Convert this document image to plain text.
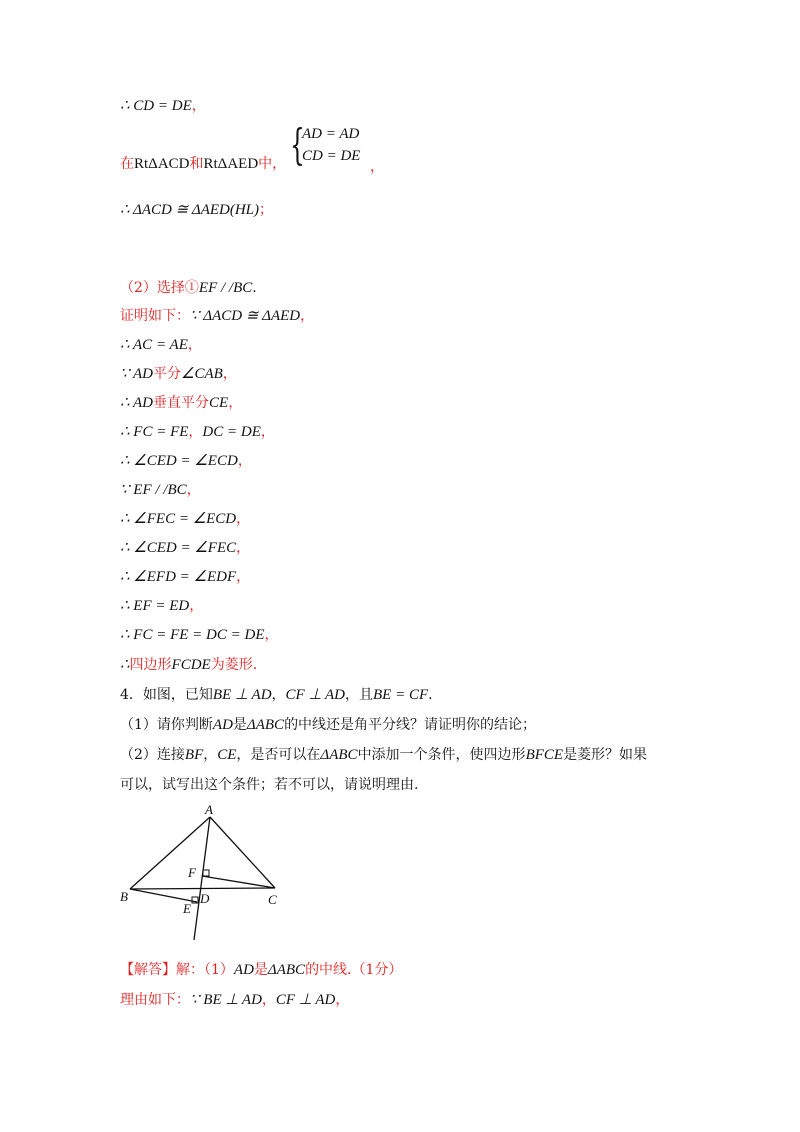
∴ CD = DE，
在RtΔACD和RtΔAED中， {
AD = AD
CD = DE
，
∴ ΔACD ≅ ΔAED(HL)；
（2）选择①EF / /BC.
证明如下：∵ ΔACD ≅ ΔAED，
∴ AC = AE，
∵ AD平分∠CAB，
∴ AD垂直平分CE，
∴ FC = FE，DC = DE，
∴ ∠CED = ∠ECD，
∵ EF / /BC，
∴ ∠FEC = ∠ECD，
∴ ∠CED = ∠FEC，
∴ ∠EFD = ∠EDF，
∴ EF = ED，
∴ FC = FE = DC = DE，
∴四边形FCDE为菱形.
4．如图，已知BE ⊥ AD，CF ⊥ AD，且BE = CF.
（1）请你判断AD是ΔABC的中线还是角平分线？请证明你的结论；
（2）连接BF，CE，是否可以在ΔABC中添加一个条件，使四边形BFCE是菱形？如果
可以，试写出这个条件；若不可以，请说明理由.
A
B	C
D
E
F
【解答】解：（1）AD是ΔABC的中线.（1分）
理由如下：∵ BE ⊥ AD，CF ⊥ AD，
